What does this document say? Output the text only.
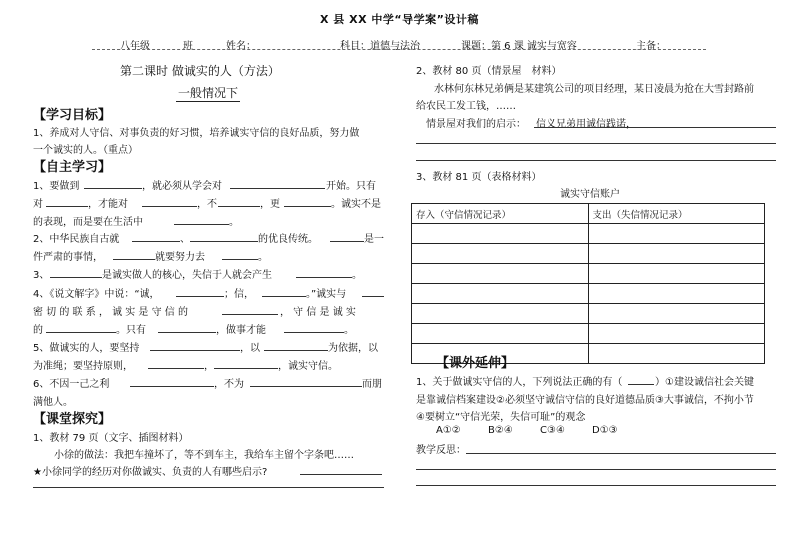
X 县 XX 中学“导学案”设计稿
八年级	班	姓名：	科目：道德与法治	课题：第 6 课 诚实与宽容	主备：
第二课时 做诚实的人（方法）
一般情况下
【学习目标】
1、养成对人守信、对事负责的好习惯，培养诚实守信的良好品质，努力做
一个诚实的人。（重点）
【自主学习】
1、要做到	，就必须从学会对	开始。只有
对	，才能对	，不	，更	。诚实不是
的表现，而是要在生活中	。
2、中华民族自古就	、	的优良传统。	是一
件严肃的事情，	就要努力去	。
3、	是诚实做人的核心，失信于人就会产生	。
4、《说文解字》中说：“诚，	；信，	。”诚实与
密 切 的 联 系 ， 诚 实 是 守 信 的	， 守 信 是 诚 实
的	。只有	，做事才能	。
5、做诚实的人，要坚持	，以	为依据，以
为准绳；要坚持原则，	，	，诚实守信。
6、不因一己之利	，不为	而朋
满他人。
【课堂探究】
1、教材 79 页（文字、插图材料）
小徐的做法：我把车撞坏了，等不到车主，我给车主留个字条吧……
★小徐同学的经历对你做诚实、负责的人有哪些启示?
2、教材 80 页（情景屋　材料）
水林何东林兄弟俩是某建筑公司的项目经理，某日凌晨为抢在大雪封路前
给农民工发工钱，……
情景屋对我们的启示： 信义兄弟用诚信践诺，
3、教材 81 页（表格材料）
诚实守信账户
存入（守信情况记录）	支出（失信情况记录）

【课外延伸】
1、关于做诚实守信的人，下列说法正确的有（	）①建设诚信社会关键
是靠诚信档案建设②必须坚守诚信守信的良好道德品质③大事诚信，不拘小节
④要树立“守信光荣，失信可耻”的观念
A①②	B②④	C③④	D①③
教学反思：
